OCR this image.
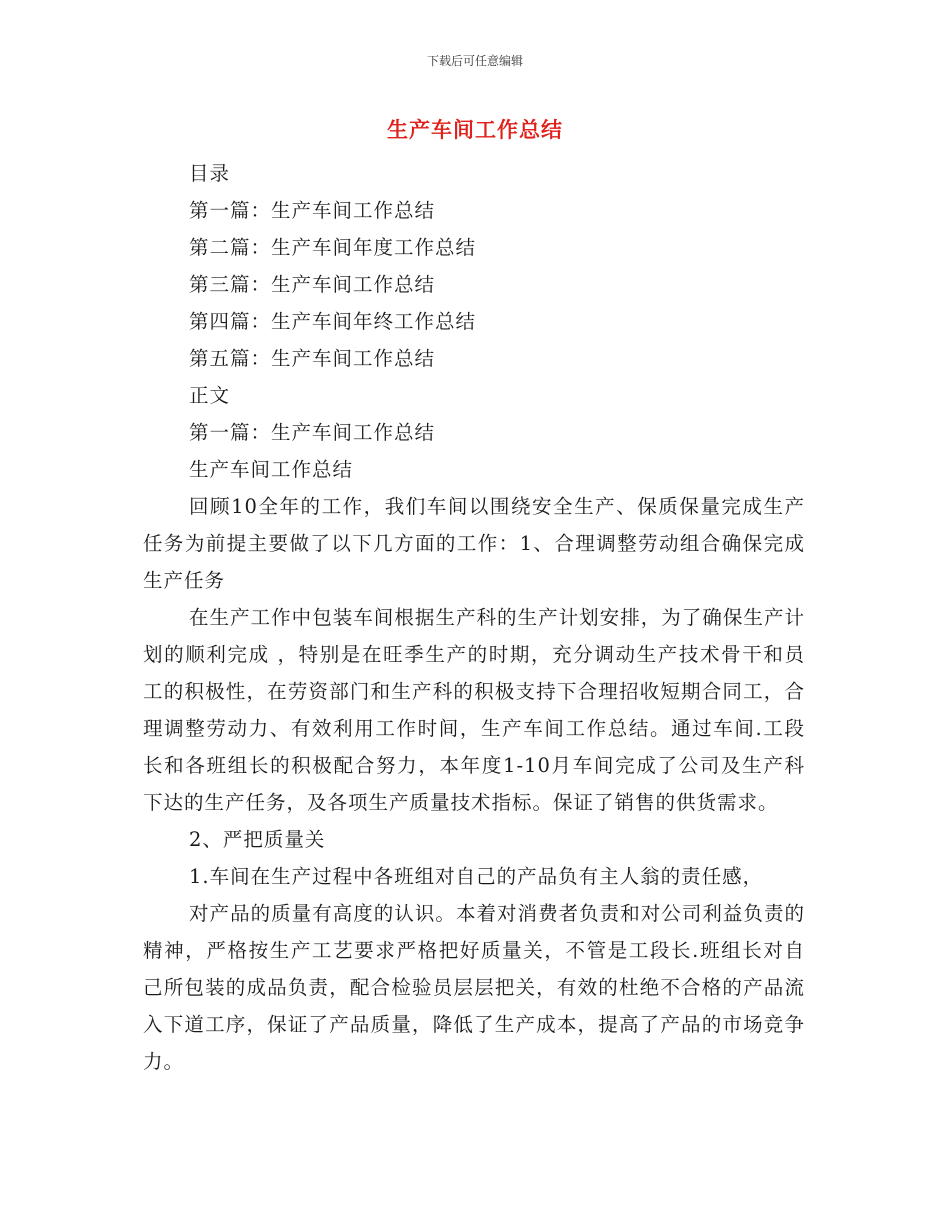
下载后可任意编辑
生产车间工作总结
目录
第一篇：生产车间工作总结
第二篇：生产车间年度工作总结
第三篇：生产车间工作总结
第四篇：生产车间年终工作总结
第五篇：生产车间工作总结
正文
第一篇：生产车间工作总结
生产车间工作总结

回顾10全年的工作，我们车间以围绕安全生产、保质保量完成生产任务为前提主要做了以下几方面的工作：1、合理调整劳动组合确保完成生产任务

在生产工作中包装车间根据生产科的生产计划安排，为了确保生产计划的顺利完成 ，特别是在旺季生产的时期，充分调动生产技术骨干和员工的积极性，在劳资部门和生产科的积极支持下合理招收短期合同工，合理调整劳动力、有效利用工作时间，生产车间工作总结。通过车间.工段长和各班组长的积极配合努力，本年度1-10月车间完成了公司及生产科下达的生产任务，及各项生产质量技术指标。保证了销售的供货需求。

2、严把质量关
1.车间在生产过程中各班组对自己的产品负有主人翁的责任感，

对产品的质量有高度的认识。本着对消费者负责和对公司利益负责的精神，严格按生产工艺要求严格把好质量关，不管是工段长.班组长对自己所包装的成品负责，配合检验员层层把关，有效的杜绝不合格的产品流入下道工序，保证了产品质量，降低了生产成本，提高了产品的市场竞争力。
